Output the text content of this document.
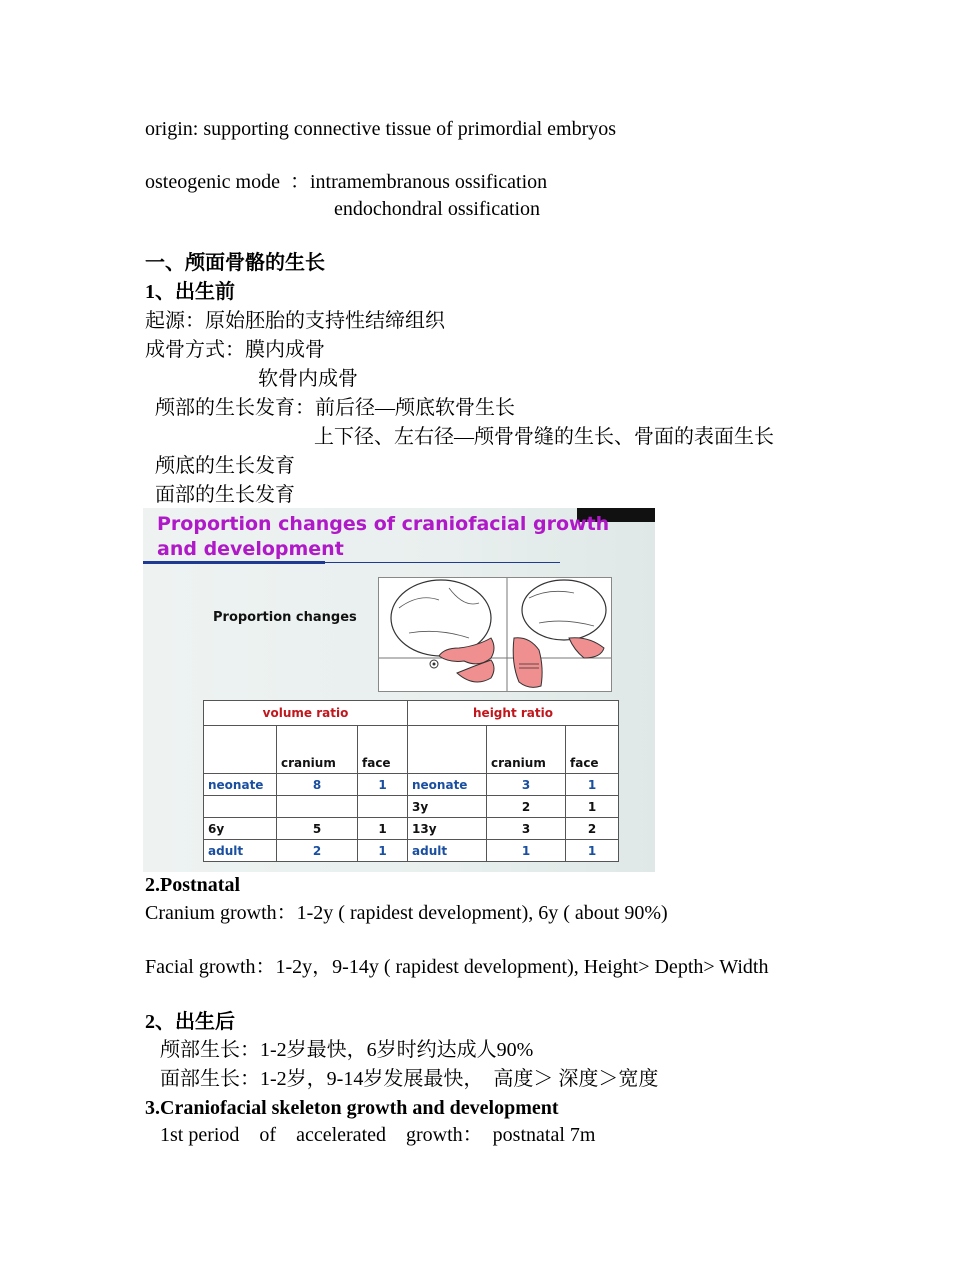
origin: supporting connective tissue of primordial embryos
osteogenic mode  ：intramembranous ossification
endochondral ossification
一、颅面骨骼的生长
1、出生前
起源：原始胚胎的支持性结缔组织
成骨方式：膜内成骨
软骨内成骨
颅部的生长发育：前后径—颅底软骨生长
上下径、左右径—颅骨骨缝的生长、骨面的表面生长
颅底的生长发育
面部的生长发育
Proportion changes of craniofacial growth
and development
Proportion changes
volume ratio			height ratio		
	cranium	face		cranium	face
neonate	8	1	neonate	3	1
			3y	2	1
6y	5	1	13y	3	2
adult	2	1	adult	1	1
2.Postnatal
Cranium growth：1-2y ( rapidest development), 6y ( about 90%)
Facial growth：1-2y，9-14y ( rapidest development), Height> Depth> Width
2、出生后
颅部生长：1-2岁最快，6岁时约达成人90%
面部生长：1-2岁，9-14岁发展最快，  高度＞ 深度＞宽度
3.Craniofacial skeleton growth and development
1st period    of    accelerated    growth：  postnatal 7m
